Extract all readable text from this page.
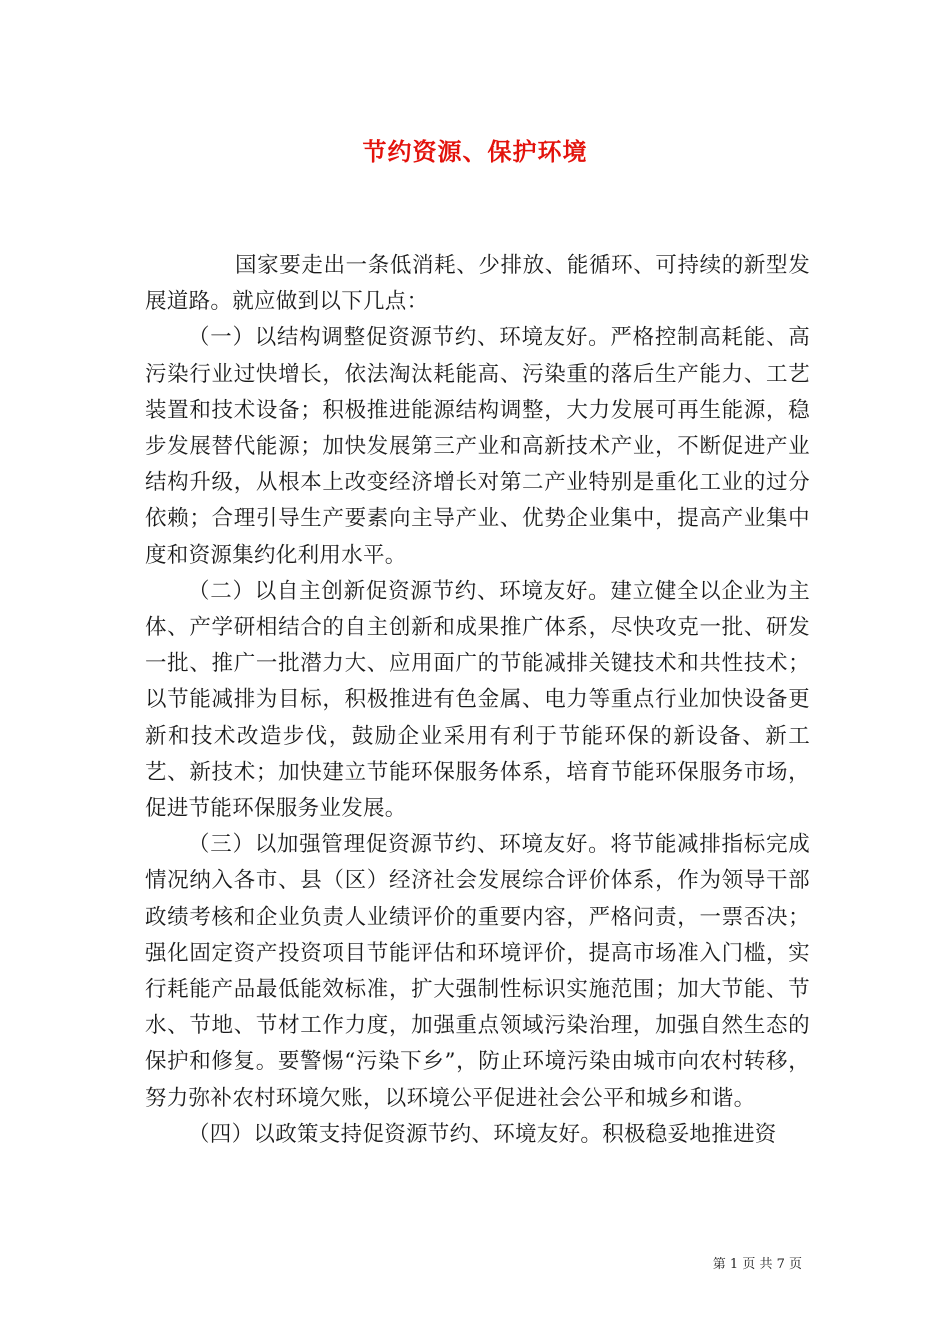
节约资源、保护环境

国家要走出一条低消耗、少排放、能循环、可持续的新型发展道路。就应做到以下几点：

（一）以结构调整促资源节约、环境友好。严格控制高耗能、高污染行业过快增长，依法淘汰耗能高、污染重的落后生产能力、工艺装置和技术设备；积极推进能源结构调整，大力发展可再生能源，稳步发展替代能源；加快发展第三产业和高新技术产业，不断促进产业结构升级，从根本上改变经济增长对第二产业特别是重化工业的过分依赖；合理引导生产要素向主导产业、优势企业集中，提高产业集中度和资源集约化利用水平。

（二）以自主创新促资源节约、环境友好。建立健全以企业为主体、产学研相结合的自主创新和成果推广体系，尽快攻克一批、研发一批、推广一批潜力大、应用面广的节能减排关键技术和共性技术；以节能减排为目标，积极推进有色金属、电力等重点行业加快设备更新和技术改造步伐，鼓励企业采用有利于节能环保的新设备、新工艺、新技术；加快建立节能环保服务体系，培育节能环保服务市场，促进节能环保服务业发展。

（三）以加强管理促资源节约、环境友好。将节能减排指标完成情况纳入各市、县（区）经济社会发展综合评价体系，作为领导干部政绩考核和企业负责人业绩评价的重要内容，严格问责，一票否决；强化固定资产投资项目节能评估和环境评价，提高市场准入门槛，实行耗能产品最低能效标准，扩大强制性标识实施范围；加大节能、节水、节地、节材工作力度，加强重点领域污染治理，加强自然生态的保护和修复。要警惕“污染下乡”，防止环境污染由城市向农村转移，努力弥补农村环境欠账，以环境公平促进社会公平和城乡和谐。

（四）以政策支持促资源节约、环境友好。积极稳妥地推进资

第 1 页 共 7 页
